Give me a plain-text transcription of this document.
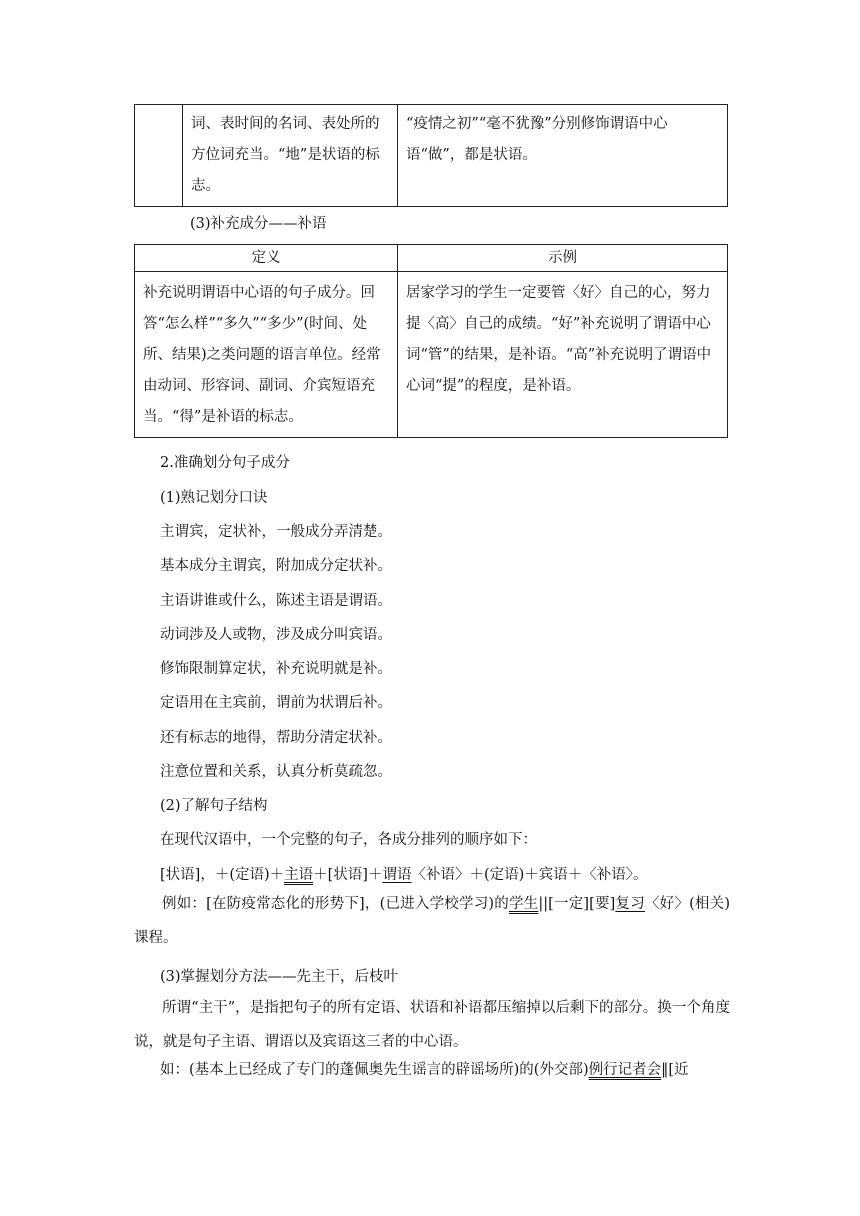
	词、表时间的名词、表处所的方位词充当。“地”是状语的标志。	“疫情之初”“毫不犹豫”分别修饰谓语中心语“做”，都是状语。
(3)补充成分——补语
定义	示例
补充说明谓语中心语的句子成分。回答“怎么样”“多久”“多少”(时间、处所、结果)之类问题的语言单位。经常由动词、形容词、副词、介宾短语充当。“得”是补语的标志。	居家学习的学生一定要管〈好〉自己的心，努力提〈高〉自己的成绩。“好”补充说明了谓语中心词“管”的结果，是补语。“高”补充说明了谓语中心词“提”的程度，是补语。
2.准确划分句子成分
(1)熟记划分口诀
主谓宾，定状补，一般成分弄清楚。
基本成分主谓宾，附加成分定状补。
主语讲谁或什么，陈述主语是谓语。
动词涉及人或物，涉及成分叫宾语。
修饰限制算定状，补充说明就是补。
定语用在主宾前，谓前为状谓后补。
还有标志的地得，帮助分清定状补。
注意位置和关系，认真分析莫疏忽。
(2)了解句子结构
在现代汉语中，一个完整的句子，各成分排列的顺序如下：
[状语]，＋(定语)＋主语＋[状语]＋谓语〈补语〉＋(定语)＋宾语＋〈补语〉。
例如：[在防疫常态化的形势下]，(已进入学校学习)的学生||[一定][要]复习〈好〉(相关)课程。
(3)掌握划分方法——先主干，后枝叶
所谓“主干”，是指把句子的所有定语、状语和补语都压缩掉以后剩下的部分。换一个角度说，就是句子主语、谓语以及宾语这三者的中心语。
如：(基本上已经成了专门的蓬佩奥先生谣言的辟谣场所)的(外交部)例行记者会‖[近
